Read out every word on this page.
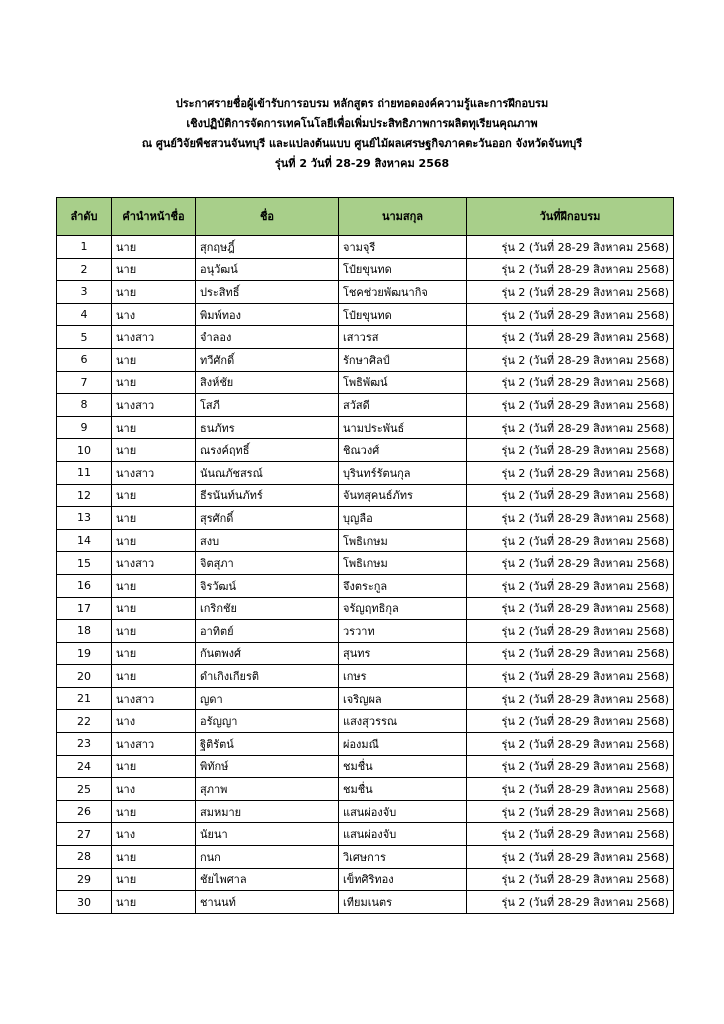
ประกาศรายชื่อผู้เข้ารับการอบรม หลักสูตร ถ่ายทอดองค์ความรู้และการฝึกอบรม
เชิงปฏิบัติการจัดการเทคโนโลยีเพื่อเพิ่มประสิทธิภาพการผลิตทุเรียนคุณภาพ
ณ ศูนย์วิจัยพืชสวนจันทบุรี และแปลงต้นแบบ ศูนย์ไม้ผลเศรษฐกิจภาคตะวันออก จังหวัดจันทบุรี
รุ่นที่ 2 วันที่ 28-29 สิงหาคม 2568
ลำดับ	คำนำหน้าชื่อ	ชื่อ	นามสกุล	วันที่ฝึกอบรม
1	นาย	สุกฤษฎิ์	จามจุรี	รุ่น 2 (วันที่ 28-29 สิงหาคม 2568)
2	นาย	อนุวัฒน์	โป๋ยขุนทด	รุ่น 2 (วันที่ 28-29 สิงหาคม 2568)
3	นาย	ประสิทธิ์	โชคช่วยพัฒนากิจ	รุ่น 2 (วันที่ 28-29 สิงหาคม 2568)
4	นาง	พิมพ์ทอง	โป๋ยขุนทด	รุ่น 2 (วันที่ 28-29 สิงหาคม 2568)
5	นางสาว	จำลอง	เสาวรส	รุ่น 2 (วันที่ 28-29 สิงหาคม 2568)
6	นาย	ทวีศักดิ์	รักษาศิลป์	รุ่น 2 (วันที่ 28-29 สิงหาคม 2568)
7	นาย	สิงห์ชัย	โพธิพัฒน์	รุ่น 2 (วันที่ 28-29 สิงหาคม 2568)
8	นางสาว	โสภี	สวัสดี	รุ่น 2 (วันที่ 28-29 สิงหาคม 2568)
9	นาย	ธนภัทร	นามประพันธ์	รุ่น 2 (วันที่ 28-29 สิงหาคม 2568)
10	นาย	ณรงค์ฤทธิ์	ชิณวงศ์	รุ่น 2 (วันที่ 28-29 สิงหาคม 2568)
11	นางสาว	นันณภัชสรณ์	บุรินทร์รัตนกุล	รุ่น 2 (วันที่ 28-29 สิงหาคม 2568)
12	นาย	ธีรนันท์นภัทร์	จันทสุคนธ์ภัทร	รุ่น 2 (วันที่ 28-29 สิงหาคม 2568)
13	นาย	สุรศักดิ์	บุญลือ	รุ่น 2 (วันที่ 28-29 สิงหาคม 2568)
14	นาย	สงบ	โพธิเกษม	รุ่น 2 (วันที่ 28-29 สิงหาคม 2568)
15	นางสาว	จิตสุภา	โพธิเกษม	รุ่น 2 (วันที่ 28-29 สิงหาคม 2568)
16	นาย	จิรวัฒน์	จึงตระกูล	รุ่น 2 (วันที่ 28-29 สิงหาคม 2568)
17	นาย	เกริกชัย	จรัญฤทธิกุล	รุ่น 2 (วันที่ 28-29 สิงหาคม 2568)
18	นาย	อาทิตย์	วรวาท	รุ่น 2 (วันที่ 28-29 สิงหาคม 2568)
19	นาย	กันตพงศ์	สุนทร	รุ่น 2 (วันที่ 28-29 สิงหาคม 2568)
20	นาย	ดำเกิงเกียรติ	เกษร	รุ่น 2 (วันที่ 28-29 สิงหาคม 2568)
21	นางสาว	ญดา	เจริญผล	รุ่น 2 (วันที่ 28-29 สิงหาคม 2568)
22	นาง	อรัญญา	แสงสุวรรณ	รุ่น 2 (วันที่ 28-29 สิงหาคม 2568)
23	นางสาว	ฐิติรัตน์	ผ่องมณี	รุ่น 2 (วันที่ 28-29 สิงหาคม 2568)
24	นาย	พิทักษ์	ชมชื่น	รุ่น 2 (วันที่ 28-29 สิงหาคม 2568)
25	นาง	สุภาพ	ชมชื่น	รุ่น 2 (วันที่ 28-29 สิงหาคม 2568)
26	นาย	สมหมาย	แสนผ่องจับ	รุ่น 2 (วันที่ 28-29 สิงหาคม 2568)
27	นาง	นัยนา	แสนผ่องจับ	รุ่น 2 (วันที่ 28-29 สิงหาคม 2568)
28	นาย	กนก	วิเศษการ	รุ่น 2 (วันที่ 28-29 สิงหาคม 2568)
29	นาย	ชัยไพศาล	เข็ทศิริทอง	รุ่น 2 (วันที่ 28-29 สิงหาคม 2568)
30	นาย	ชานนท์	เทียมเนตร	รุ่น 2 (วันที่ 28-29 สิงหาคม 2568)
